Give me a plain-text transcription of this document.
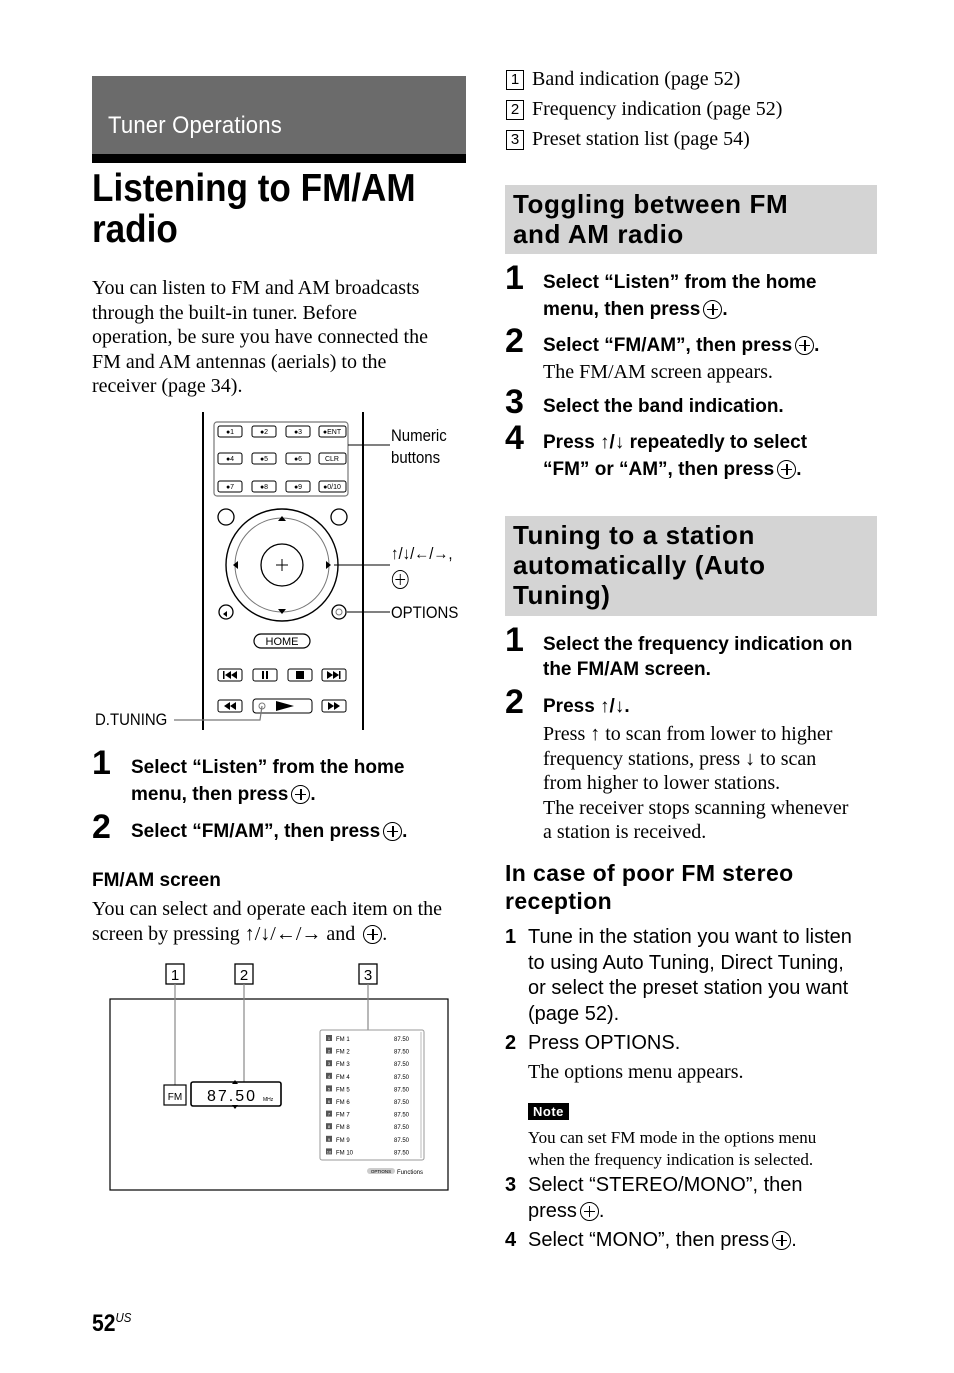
Tuner Operations
Listening to FM/AM
radio
You can listen to FM and AM broadcasts
through the built-in tuner. Before
operation, be sure you have connected the
FM and AM antennas (aerials) to the
receiver (page 34).
●1	●2	●3	●ENT
●4	●5	●6	CLR
●7	●8	●9	●0/10
HOME
Numeric
buttons
↑/↓/←/→,
OPTIONS
D.TUNING
1 Select “Listen” from the home
menu, then press .
2 Select “FM/AM”, then press .
FM/AM screen
You can select and operate each item on the
screen by pressing ↑/↓/←/→ and .
1	2	3
FM 87.50 MHz
OPTIONS Functions
1 FM 1	87.50
2 FM 2	87.50
3 FM 3	87.50
4 FM 4	87.50
5 FM 5	87.50
6 FM 6	87.50
7 FM 7	87.50
8 FM 8	87.50
9 FM 9	87.50
10 FM 10	87.50
1 Band indication (page 52)
2 Frequency indication (page 52)
3 Preset station list (page 54)
Toggling between FM
and AM radio
1 Select “Listen” from the home
menu, then press .
2 Select “FM/AM”, then press .
The FM/AM screen appears.
3 Select the band indication.
4 Press ↑/↓ repeatedly to select
“FM” or “AM”, then press .
Tuning to a station
automatically (Auto
Tuning)
1 Select the frequency indication on
the FM/AM screen.
2 Press ↑/↓.
Press ↑ to scan from lower to higher
frequency stations, press ↓ to scan
from higher to lower stations.
The receiver stops scanning whenever
a station is received.
In case of poor FM stereo
reception
1 Tune in the station you want to listen
to using Auto Tuning, Direct Tuning,
or select the preset station you want
(page 52).
2 Press OPTIONS.
The options menu appears.
Note
You can set FM mode in the options menu
when the frequency indication is selected.
3 Select “STEREO/MONO”, then
press .
4 Select “MONO”, then press .
$52^{US}$
